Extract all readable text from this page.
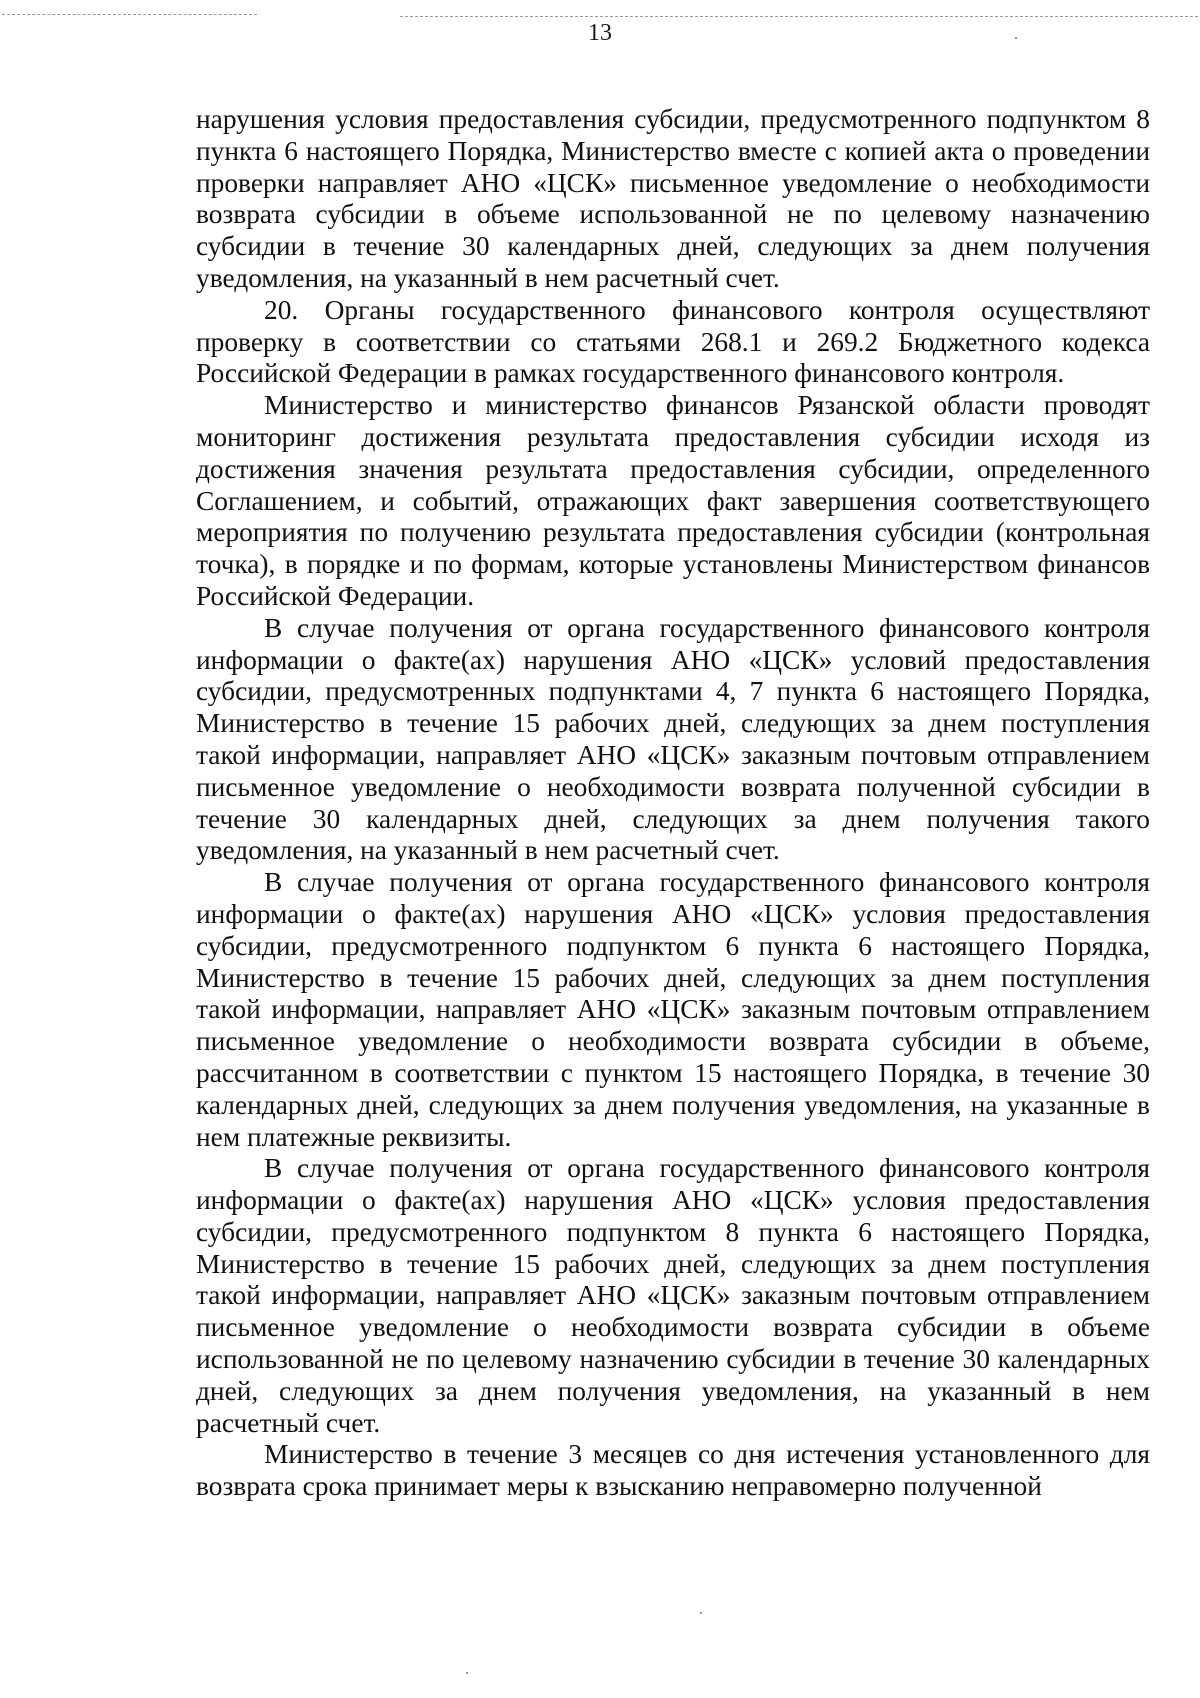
13

нарушения условия предоставления субсидии, предусмотренного подпунктом 8 пункта 6 настоящего Порядка, Министерство вместе с копией акта о проведении проверки направляет АНО «ЦСК» письменное уведомление о необходимости возврата субсидии в объеме использованной не по целевому назначению субсидии в течение 30 календарных дней, следующих за днем получения уведомления, на указанный в нем расчетный счет.

20. Органы государственного финансового контроля осуществляют проверку в соответствии со статьями 268.1 и 269.2 Бюджетного кодекса Российской Федерации в рамках государственного финансового контроля.

Министерство и министерство финансов Рязанской области проводят мониторинг достижения результата предоставления субсидии исходя из достижения значения результата предоставления субсидии, определенного Соглашением, и событий, отражающих факт завершения соответствующего мероприятия по получению результата предоставления субсидии (контрольная точка), в порядке и по формам, которые установлены Министерством финансов Российской Федерации.

В случае получения от органа государственного финансового контроля информации о факте(ах) нарушения АНО «ЦСК» условий предоставления субсидии, предусмотренных подпунктами 4, 7 пункта 6 настоящего Порядка, Министерство в течение 15 рабочих дней, следующих за днем поступления такой информации, направляет АНО «ЦСК» заказным почтовым отправлением письменное уведомление о необходимости возврата полученной субсидии в течение 30 календарных дней, следующих за днем получения такого уведомления, на указанный в нем расчетный счет.

В случае получения от органа государственного финансового контроля информации о факте(ах) нарушения АНО «ЦСК» условия предоставления субсидии, предусмотренного подпунктом 6 пункта 6 настоящего Порядка, Министерство в течение 15 рабочих дней, следующих за днем поступления такой информации, направляет АНО «ЦСК» заказным почтовым отправлением письменное уведомление о необходимости возврата субсидии в объеме, рассчитанном в соответствии с пунктом 15 настоящего Порядка, в течение 30 календарных дней, следующих за днем получения уведомления, на указанные в нем платежные реквизиты.

В случае получения от органа государственного финансового контроля информации о факте(ах) нарушения АНО «ЦСК» условия предоставления субсидии, предусмотренного подпунктом 8 пункта 6 настоящего Порядка, Министерство в течение 15 рабочих дней, следующих за днем поступления такой информации, направляет АНО «ЦСК» заказным почтовым отправлением письменное уведомление о необходимости возврата субсидии в объеме использованной не по целевому назначению субсидии в течение 30 календарных дней, следующих за днем получения уведомления, на указанный в нем расчетный счет.

Министерство в течение 3 месяцев со дня истечения установленного для возврата срока принимает меры к взысканию неправомерно полученной
